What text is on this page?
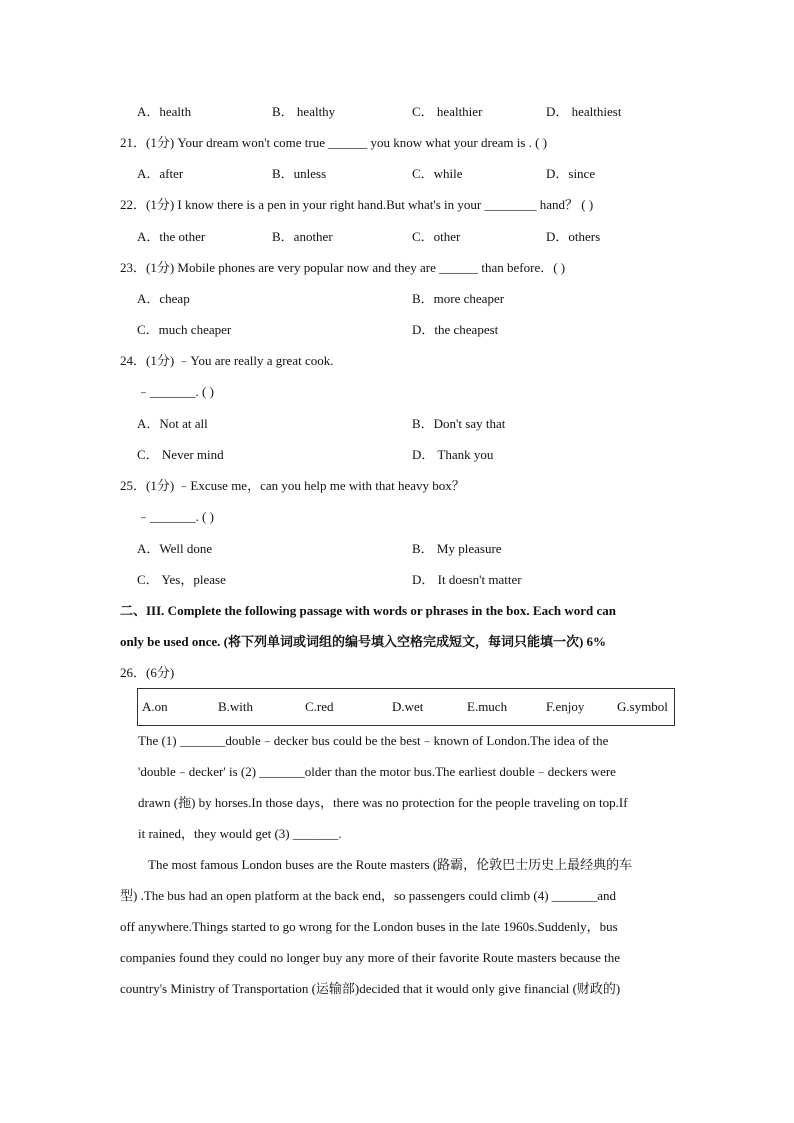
A．health	B． healthy	C． healthier	D． healthiest
21．(1分) Your dream won't come true ______ you know what your dream is . ( )
A．after	B．unless	C．while	D．since
22．(1分) I know there is a pen in your right hand.But what's in your ________ hand？ ( )
A．the other	B．another	C．other	D．others
23．(1分) Mobile phones are very popular now and they are ______ than before．( )
A．cheap	B．more cheaper
C．much cheaper	D．the cheapest
24．(1分) ﹣You are really a great cook.
﹣_______. ( )
A．Not at all	B．Don't say that
C． Never mind	D． Thank you
25．(1分) ﹣Excuse me，can you help me with that heavy box？
﹣_______. ( )
A．Well done	B． My pleasure
C． Yes，please	D． It doesn't matter
二、III. Complete the following passage with words or phrases in the box. Each word can
only be used once. (将下列单词或词组的编号填入空格完成短文，每词只能填一次) 6%
26．(6分)
A.on	B.with	C.red	D.wet	E.much	F.enjoy	G.symbol
The (1) _______double﹣decker bus could be the best﹣known of London.The idea of the
'double﹣decker' is (2) _______older than the motor bus.The earliest double﹣deckers were
drawn (拖) by horses.In those days，there was no protection for the people traveling on top.If
it rained，they would get (3) _______.
The most famous London buses are the Route masters (路霸，伦敦巴士历史上最经典的车
型) .The bus had an open platform at the back end，so passengers could climb (4) _______and
off anywhere.Things started to go wrong for the London buses in the late 1960s.Suddenly，bus
companies found they could no longer buy any more of their favorite Route masters because the
country's Ministry of Transportation (运输部)decided that it would only give financial (财政的)
